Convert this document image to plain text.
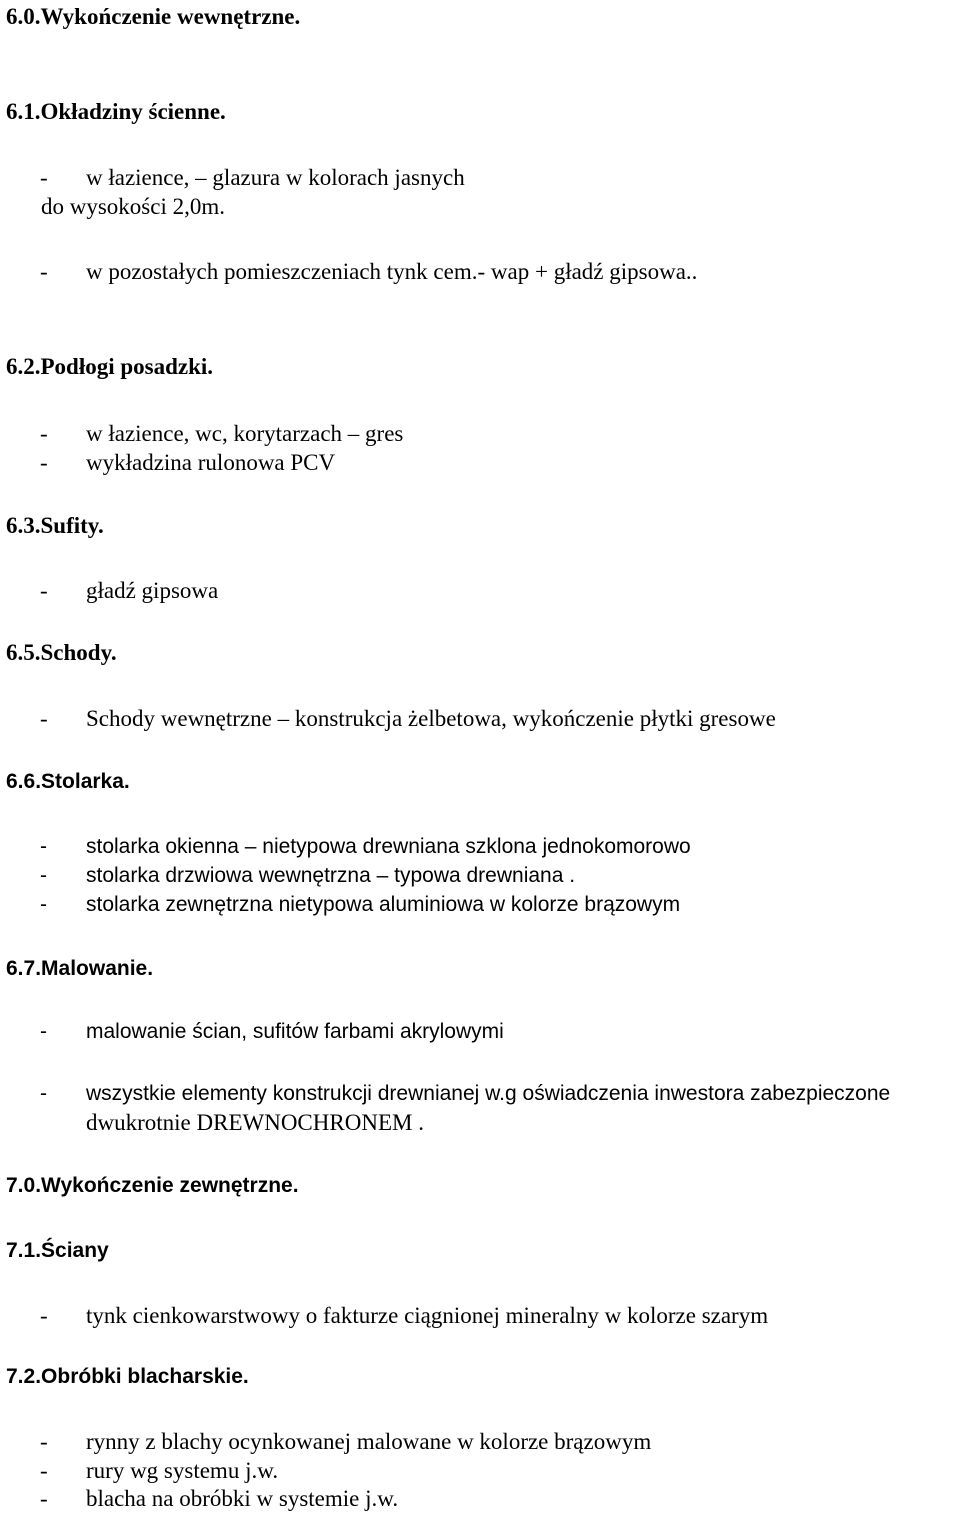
6.0.Wykończenie wewnętrzne.
6.1.Okładziny ścienne.
- w łazience, – glazura w kolorach jasnych
do wysokości 2,0m.
- w pozostałych pomieszczeniach tynk cem.- wap + gładź gipsowa..
6.2.Podłogi posadzki.
- w łazience, wc, korytarzach – gres
- wykładzina rulonowa PCV
6.3.Sufity.
- gładź gipsowa
6.5.Schody.
- Schody wewnętrzne – konstrukcja żelbetowa, wykończenie płytki gresowe
6.6.Stolarka.
- stolarka okienna – nietypowa drewniana szklona jednokomorowo
- stolarka drzwiowa wewnętrzna – typowa drewniana .
- stolarka zewnętrzna nietypowa aluminiowa w kolorze brązowym
6.7.Malowanie.
- malowanie ścian, sufitów farbami akrylowymi
- wszystkie elementy konstrukcji drewnianej w.g oświadczenia inwestora zabezpieczone
dwukrotnie DREWNOCHRONEM .
7.0.Wykończenie zewnętrzne.
7.1.Ściany
- tynk cienkowarstwowy o fakturze ciągnionej mineralny w kolorze szarym
7.2.Obróbki blacharskie.
- rynny z blachy ocynkowanej malowane w kolorze brązowym
- rury wg systemu j.w.
- blacha na obróbki w systemie j.w.
